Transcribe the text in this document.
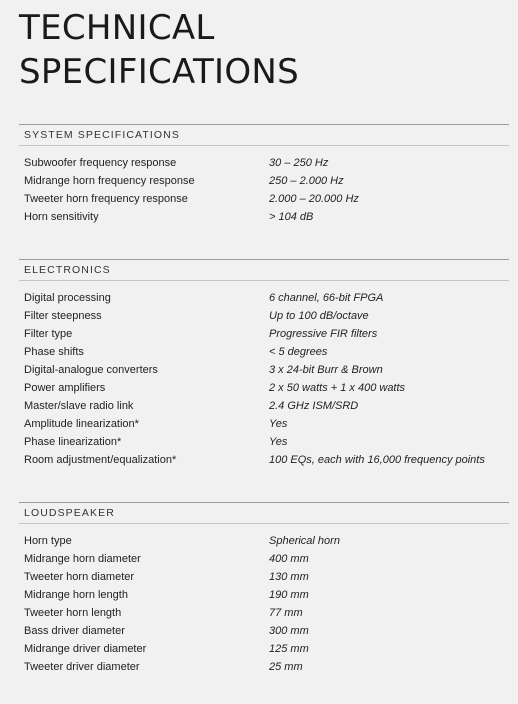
TECHNICAL
SPECIFICATIONS
SYSTEM SPECIFICATIONS
Subwoofer frequency response	30 – 250 Hz
Midrange horn frequency response	250 – 2.000 Hz
Tweeter horn frequency response	2.000 – 20.000 Hz
Horn sensitivity	> 104 dB
ELECTRONICS
Digital processing	6 channel, 66-bit FPGA
Filter steepness	Up to 100 dB/octave
Filter type	Progressive FIR filters
Phase shifts	< 5 degrees
Digital-analogue converters	3 x 24-bit Burr & Brown
Power amplifiers	2 x 50 watts + 1 x 400 watts
Master/slave radio link	2.4 GHz ISM/SRD
Amplitude linearization*	Yes
Phase linearization*	Yes
Room adjustment/equalization*	100 EQs, each with 16,000 frequency points
LOUDSPEAKER
Horn type	Spherical horn
Midrange horn diameter	400 mm
Tweeter horn diameter	130 mm
Midrange horn length	190 mm
Tweeter horn length	77 mm
Bass driver diameter	300 mm
Midrange driver diameter	125 mm
Tweeter driver diameter	25 mm
